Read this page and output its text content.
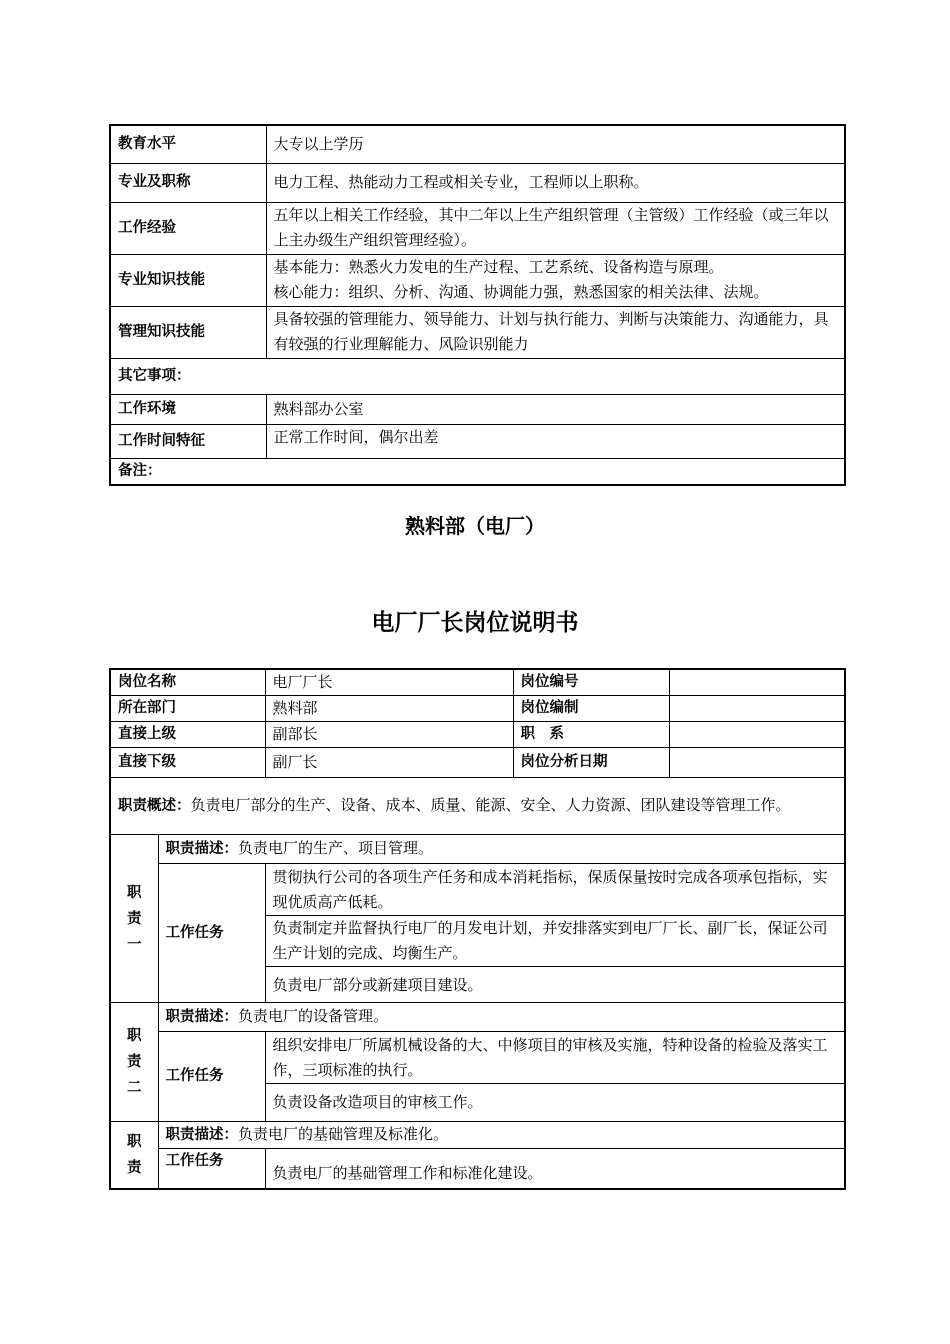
教育水平	大专以上学历
专业及职称	电力工程、热能动力工程或相关专业，工程师以上职称。
工作经验	五年以上相关工作经验，其中二年以上生产组织管理（主管级）工作经验（或三年以上主办级生产组织管理经验）。
专业知识技能	基本能力：熟悉火力发电的生产过程、工艺系统、设备构造与原理。
核心能力：组织、分析、沟通、协调能力强，熟悉国家的相关法律、法规。

管理知识技能	具备较强的管理能力、领导能力、计划与执行能力、判断与决策能力、沟通能力，具有较强的行业理解能力、风险识别能力
其它事项：	
工作环境	熟料部办公室
工作时间特征	正常工作时间，偶尔出差
备注：	
熟料部（电厂）
电厂厂长岗位说明书
岗位名称		电厂厂长	岗位编号	
所在部门		熟料部	岗位编制	
直接上级		副部长	职　系	
直接下级		副厂长	岗位分析日期	
职责概述：负责电厂部分的生产、设备、成本、质量、能源、安全、人力资源、团队建设等管理工作。				

职
责
一	职责描述：负责电厂的生产、项目管理。			
	工作任务	贯彻执行公司的各项生产任务和成本消耗指标，保质保量按时完成各项承包指标，实现优质高产低耗。		
		负责制定并监督执行电厂的月发电计划，并安排落实到电厂厂长、副厂长，保证公司生产计划的完成、均衡生产。		
		负责电厂部分或新建项目建设。		

职
责
二	职责描述：负责电厂的设备管理。			
	工作任务	组织安排电厂所属机械设备的大、中修项目的审核及实施，特种设备的检验及落实工作，三项标准的执行。		
		负责设备改造项目的审核工作。		

职
责	职责描述：负责电厂的基础管理及标准化。			
	工作任务	负责电厂的基础管理工作和标准化建设。		
